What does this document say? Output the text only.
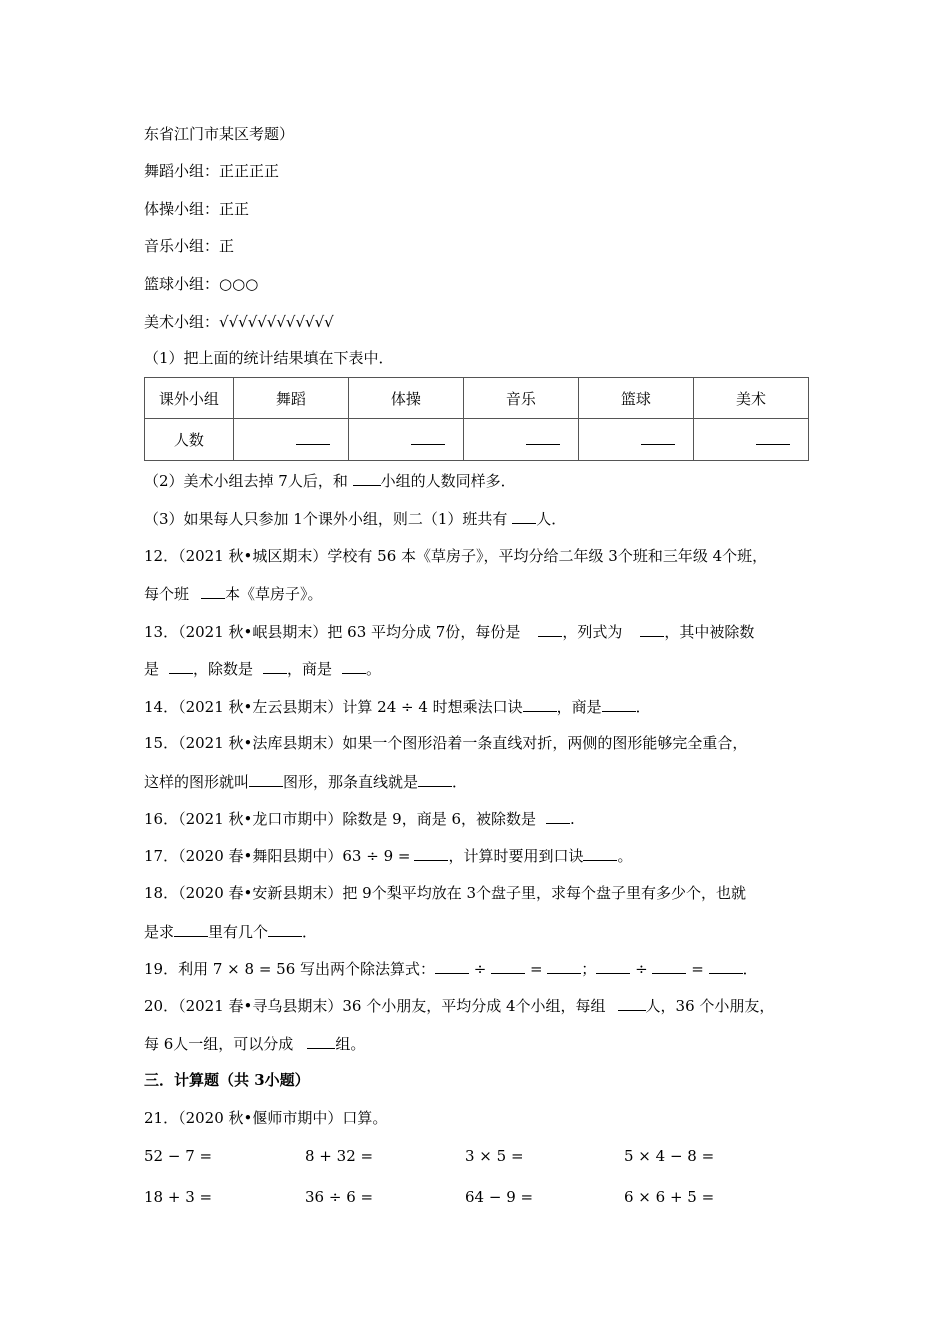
东省江门市某区考题）
舞蹈小组：正正正正
体操小组：正正
音乐小组：正
篮球小组：○○○
美术小组：√√√√√√√√√√√√
（1）把上面的统计结果填在下表中．
课外小组	舞蹈	体操	音乐	篮球	美术
人数					
（2）美术小组去掉 7人后，和 小组的人数同样多．
（3）如果每人只参加 1个课外小组，则二（1）班共有 人．
12．（2021 秋•城区期末）学校有 56 本《草房子》，平均分给二年级 3个班和三年级 4个班，
每个班 本《草房子》。
13．（2021 秋•岷县期末）把 63 平均分成 7份，每份是	，列式为	，其中被除数
是 ，除数是 ，商是 。
14．（2021 秋•左云县期末）计算 24 ÷ 4 时想乘法口诀 ，商是 ．
15．（2021 秋•法库县期末）如果一个图形沿着一条直线对折，两侧的图形能够完全重合，
这样的图形就叫 图形，那条直线就是 ．
16．（2021 秋•龙口市期中）除数是 9，商是 6，被除数是 .
17．（2020 春•舞阳县期中）63 ÷ 9 =	，计算时要用到口诀 。
18．（2020 春•安新县期末）把 9个梨平均放在 3个盘子里，求每个盘子里有多少个，也就
是求 里有几个 ．
19．利用 7 × 8 = 56 写出两个除法算式：	÷	=	；	÷	=	．
20．（2021 春•寻乌县期末）36 个小朋友，平均分成 4个小组，每组	人，36 个小朋友，
每 6人一组，可以分成	组。
三．计算题（共 3小题）
21．（2020 秋•偃师市期中）口算。
52 − 7 =	8 + 32 =	3 × 5 =	5 × 4 − 8 =
18 + 3 =	36 ÷ 6 =	64 − 9 =	6 × 6 + 5 =
